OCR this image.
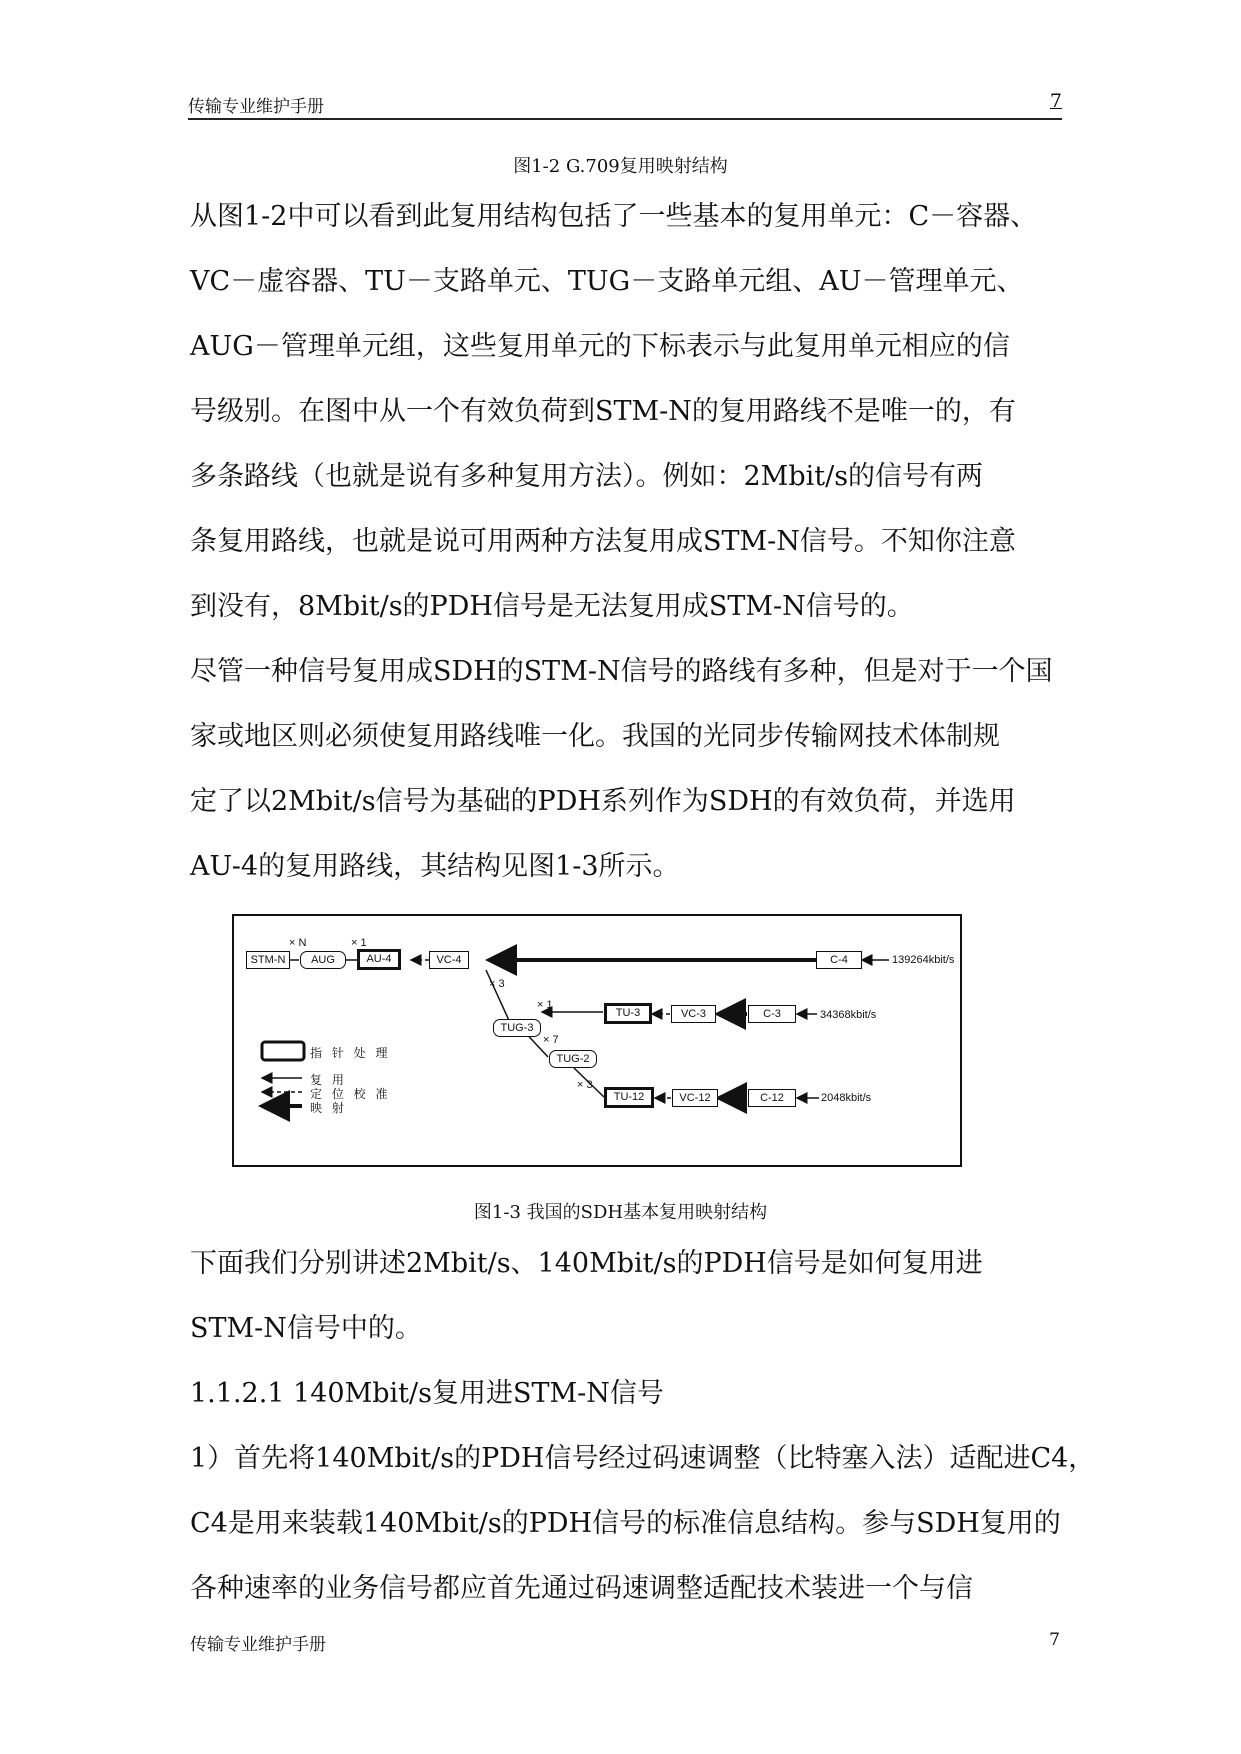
传输专业维护手册	7
图1-2 G.709复用映射结构
从图1-2中可以看到此复用结构包括了一些基本的复用单元：C－容器、
VC－虚容器、TU－支路单元、TUG－支路单元组、AU－管理单元、
AUG－管理单元组，这些复用单元的下标表示与此复用单元相应的信
号级别。在图中从一个有效负荷到STM-N的复用路线不是唯一的，有
多条路线（也就是说有多种复用方法）。例如：2Mbit/s的信号有两
条复用路线，也就是说可用两种方法复用成STM-N信号。不知你注意
到没有，8Mbit/s的PDH信号是无法复用成STM-N信号的。
尽管一种信号复用成SDH的STM-N信号的路线有多种，但是对于一个国
家或地区则必须使复用路线唯一化。我国的光同步传输网技术体制规
定了以2Mbit/s信号为基础的PDH系列作为SDH的有效负荷，并选用
AU-4的复用路线，其结构见图1-3所示。
STM-N	AUG	AU-4	VC-4	C-4	139264kbit/s
TUG-3
TU-3	VC-3	C-3	34368kbit/s
TUG-2
TU-12	VC-12	C-12	2048kbit/s
× N	× 1
× 3
× 1
× 7
× 3
指 针 处 理
复 用
定 位 校 准
映 射
图1-3 我国的SDH基本复用映射结构
下面我们分别讲述2Mbit/s、140Mbit/s的PDH信号是如何复用进
STM-N信号中的。
1.1.2.1 140Mbit/s复用进STM-N信号
1）首先将140Mbit/s的PDH信号经过码速调整（比特塞入法）适配进C4，
C4是用来装载140Mbit/s的PDH信号的标准信息结构。参与SDH复用的
各种速率的业务信号都应首先通过码速调整适配技术装进一个与信
传输专业维护手册	7
